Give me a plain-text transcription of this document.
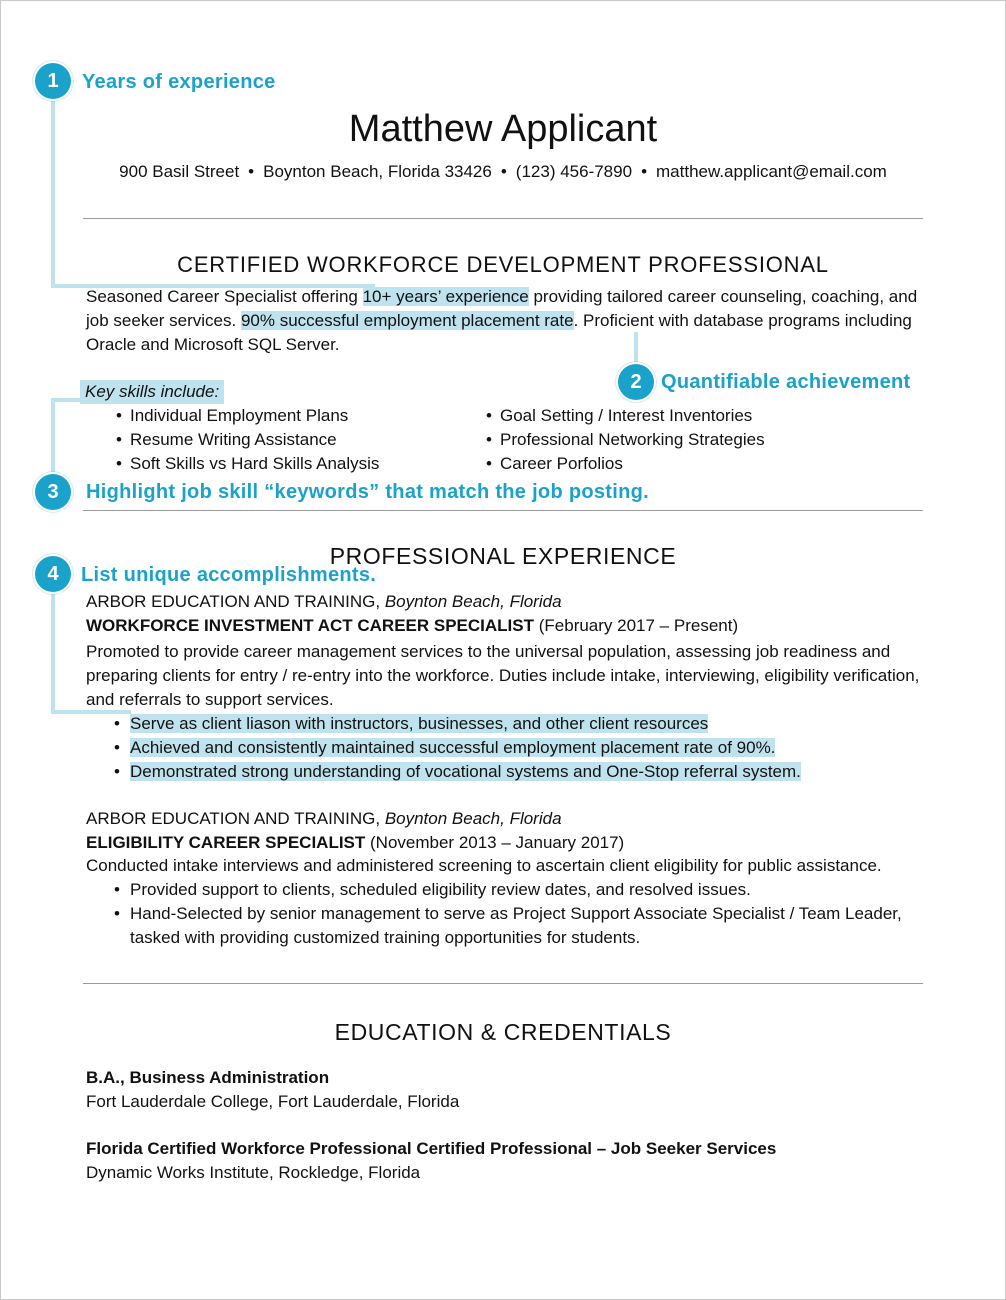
Matthew Applicant
900 Basil Street • Boynton Beach, Florida 33426 • (123) 456-7890 • matthew.applicant@email.com
CERTIFIED WORKFORCE DEVELOPMENT PROFESSIONAL
Seasoned Career Specialist offering 10+ years’ experience providing tailored career counseling, coaching, and job seeker services. 90% successful employment placement rate. Proficient with database programs including Oracle and Microsoft SQL Server.
Key skills include:
• Individual Employment Plans
• Resume Writing Assistance
• Soft Skills vs Hard Skills Analysis
• Goal Setting / Interest Inventories
• Professional Networking Strategies
• Career Porfolios
PROFESSIONAL EXPERIENCE
ARBOR EDUCATION AND TRAINING, Boynton Beach, Florida
WORKFORCE INVESTMENT ACT CAREER SPECIALIST (February 2017 – Present)
Promoted to provide career management services to the universal population, assessing job readiness and preparing clients for entry / re-entry into the workforce. Duties include intake, interviewing, eligibility verification, and referrals to support services.
• Serve as client liason with instructors, businesses, and other client resources
• Achieved and consistently maintained successful employment placement rate of 90%.
• Demonstrated strong understanding of vocational systems and One-Stop referral system.
ARBOR EDUCATION AND TRAINING, Boynton Beach, Florida
ELIGIBILITY CAREER SPECIALIST (November 2013 – January 2017)
Conducted intake interviews and administered screening to ascertain client eligibility for public assistance.
• Provided support to clients, scheduled eligibility review dates, and resolved issues.
• Hand-Selected by senior management to serve as Project Support Associate Specialist / Team Leader, tasked with providing customized training opportunities for students.
EDUCATION & CREDENTIALS
B.A., Business Administration
Fort Lauderdale College, Fort Lauderdale, Florida
Florida Certified Workforce Professional Certified Professional – Job Seeker Services
Dynamic Works Institute, Rockledge, Florida
1	Years of experience
2 Quantifiable achievement
3	Highlight job skill “keywords” that match the job posting.
4	List unique accomplishments.
